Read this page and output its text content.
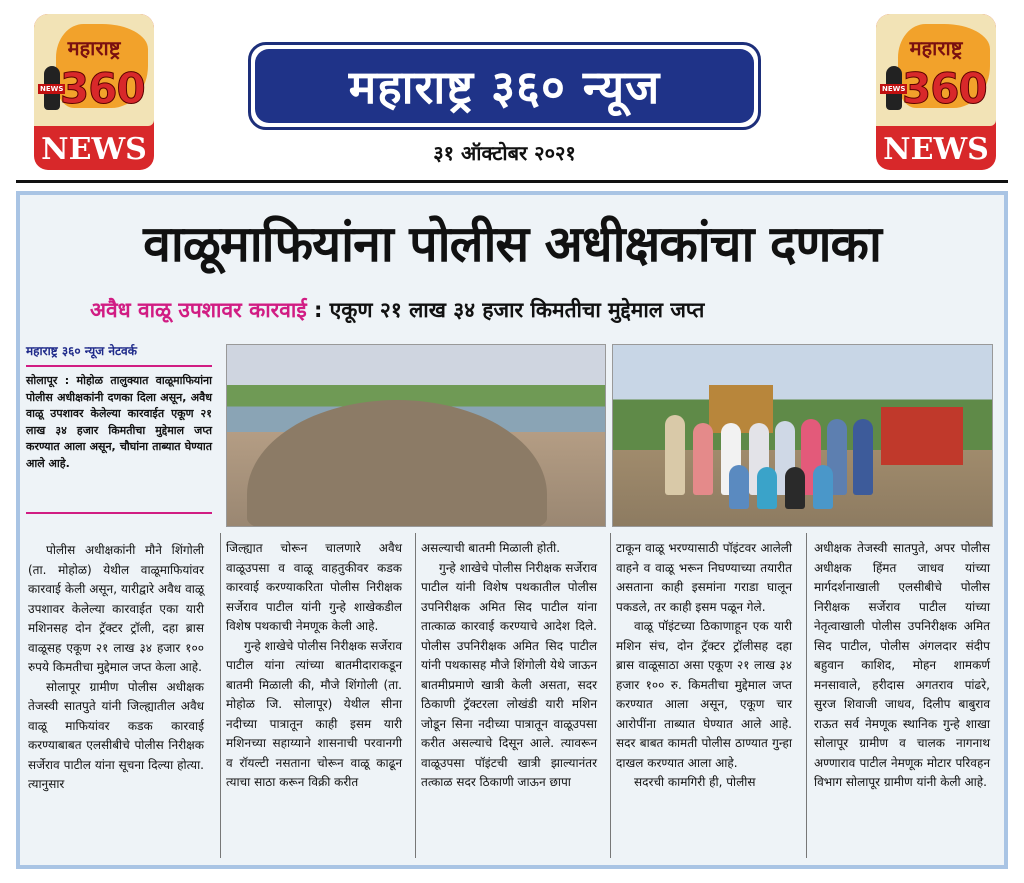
महाराष्ट्र
NEWS
360
NEWS
महाराष्ट्र
NEWS
360
NEWS
महाराष्ट्र ३६० न्यूज
३१ ऑक्टोबर २०२१
वाळूमाफियांना पोलीस अधीक्षकांचा दणका
अवैध वाळू उपशावर कारवाई : एकूण २१ लाख ३४ हजार किमतीचा मुद्देमाल जप्त
महाराष्ट्र ३६० न्यूज नेटवर्क
सोलापूर : मोहोळ तालुक्यात वाळूमाफियांना पोलीस अधीक्षकांनी दणका दिला असून, अवैध वाळू उपशावर केलेल्या कारवाईत एकूण २१ लाख ३४ हजार किमतीचा मुद्देमाल जप्त करण्यात आला असून, चौघांना ताब्यात घेण्यात आले आहे.

पोलीस अधीक्षकांनी मौने शिंगोली (ता. मोहोळ) येथील वाळूमाफियांवर कारवाई केली असून, यारीद्वारे अवैध वाळू उपशावर केलेल्या कारवाईत एका यारी मशिनसह दोन ट्रॅक्टर ट्रॉली, दहा ब्रास वाळूसह एकूण २१ लाख ३४ हजार १०० रुपये किमतीचा मुद्देमाल जप्त केला आहे.

सोलापूर ग्रामीण पोलीस अधीक्षक तेजस्वी सातपुते यांनी जिल्ह्यातील अवैध वाळू माफियांवर कडक कारवाई करण्याबाबत एलसीबीचे पोलीस निरीक्षक सर्जेराव पाटील यांना सूचना दिल्या होत्या. त्यानुसार

जिल्ह्यात चोरून चालणारे अवैध वाळूउपसा व वाळू वाहतुकीवर कडक कारवाई करण्याकरिता पोलीस निरीक्षक सर्जेराव पाटील यांनी गुन्हे शाखेकडील विशेष पथकाची नेमणूक केली आहे.

गुन्हे शाखेचे पोलीस निरीक्षक सर्जेराव पाटील यांना त्यांच्या बातमीदाराकडून बातमी मिळाली की, मौजे शिंगोली (ता. मोहोळ जि. सोलापूर) येथील सीना नदीच्या पात्रातून काही इसम यारी मशिनच्या सहाय्याने शासनाची परवानगी व रॉयल्टी नसताना चोरून वाळू काढून त्याचा साठा करून विक्री करीत

असल्याची बातमी मिळाली होती.

गुन्हे शाखेचे पोलीस निरीक्षक सर्जेराव पाटील यांनी विशेष पथकातील पोलीस उपनिरीक्षक अमित सिद पाटील यांना तात्काळ कारवाई करण्याचे आदेश दिले. पोलीस उपनिरीक्षक अमित सिद पाटील यांनी पथकासह मौजे शिंगोली येथे जाऊन बातमीप्रमाणे खात्री केली असता, सदर ठिकाणी ट्रॅक्टरला लोखंडी यारी मशिन जोडून सिना नदीच्या पात्रातून वाळूउपसा करीत असल्याचे दिसून आले. त्यावरून वाळूउपसा पॉइंटची खात्री झाल्यानंतर तत्काळ सदर ठिकाणी जाऊन छापा

टाकून वाळू भरण्यासाठी पॉइंटवर आलेली वाहने व वाळू भरून निघण्याच्या तयारीत असताना काही इसमांना गराडा घालून पकडले, तर काही इसम पळून गेले.

वाळू पॉइंटच्या ठिकाणाहून एक यारी मशिन संच, दोन ट्रॅक्टर ट्रॉलीसह दहा ब्रास वाळूसाठा असा एकूण २१ लाख ३४ हजार १०० रु. किमतीचा मुद्देमाल जप्त करण्यात आला असून, एकूण चार आरोपींना ताब्यात घेण्यात आले आहे. सदर बाबत कामती पोलीस ठाण्यात गुन्हा दाखल करण्यात आला आहे.

सदरची कामगिरी ही, पोलीस

अधीक्षक तेजस्वी सातपुते, अपर पोलीस अधीक्षक हिंमत जाधव यांच्या मार्गदर्शनाखाली एलसीबीचे पोलीस निरीक्षक सर्जेराव पाटील यांच्या नेतृत्वाखाली पोलीस उपनिरीक्षक अमित सिद पाटील, पोलीस अंगलदार संदीप बहुवान काशिद, मोहन शामकर्ण मनसावाले, हरीदास अगतराव पांढरे, सुरज शिवाजी जाधव, दिलीप बाबुराव राऊत सर्व नेमणूक स्थानिक गुन्हे शाखा सोलापूर ग्रामीण व चालक नागनाथ अण्णाराव पाटील नेमणूक मोटार परिवहन विभाग सोलापूर ग्रामीण यांनी केली आहे.
